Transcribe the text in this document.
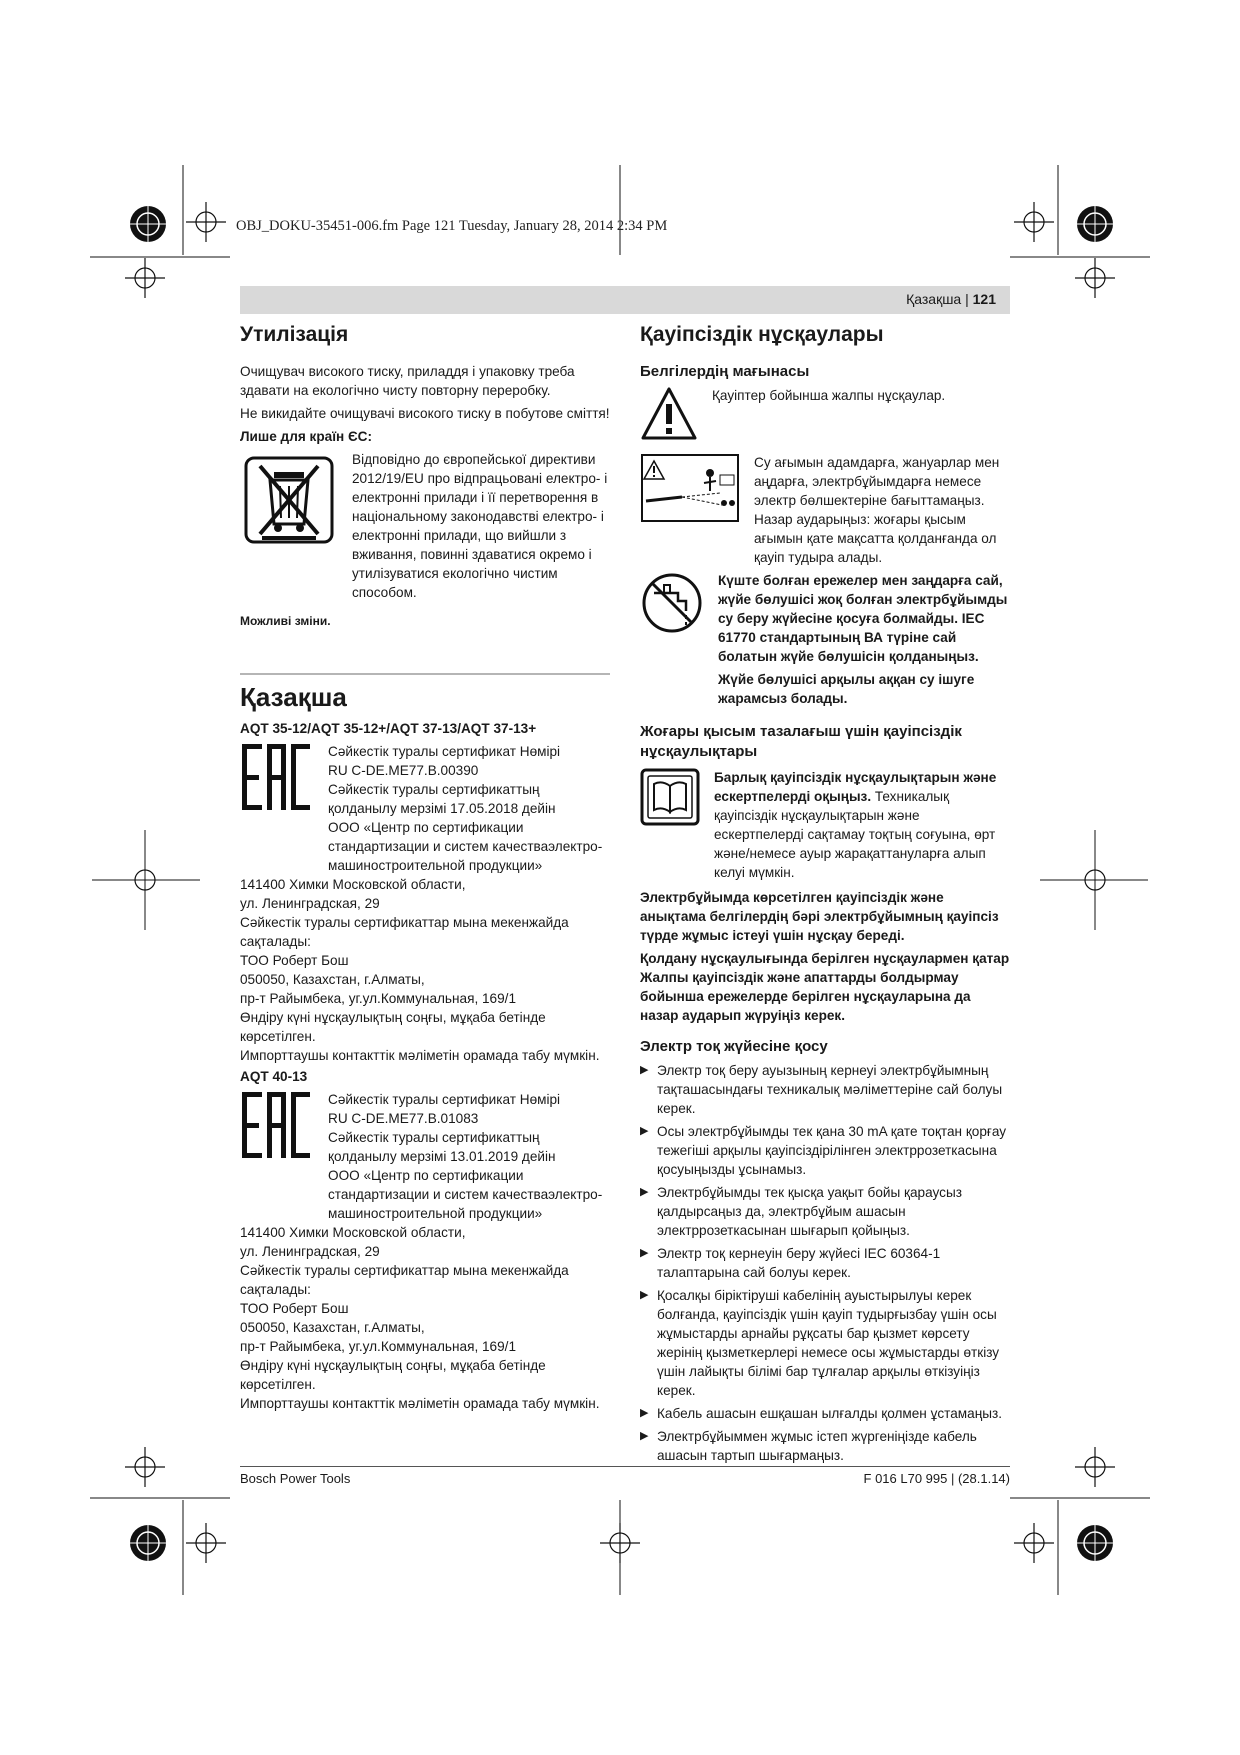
OBJ_DOKU-35451-006.fm Page 121 Tuesday, January 28, 2014 2:34 PM
Қазақша | 121
Утилізація

Очищувач високого тиску, приладдя і упаковку треба здавати на екологічно чисту повторну переробку.

Не викидайте очищувачі високого тиску в побутове сміття!

Лише для країн ЄС:

Відповідно до європейської директиви 2012/19/EU про відпрацьовані електро- і електронні прилади і її перетворення в національному законодавстві електро- і електронні прилади, що вийшли з вживання, повинні здаватися окремо і утилізуватися екологічно чистим способом.

Можливі зміни.

Қазақша

AQT 35-12/AQT 35-12+/AQT 37-13/AQT 37-13+

Сәйкестік туралы сертификат Нөмірі
RU C-DE.ME77.B.00390
Сәйкестік туралы сертификаттың
қолданылу мерзімі 17.05.2018 дейін
ООО «Центр по сертификации
стандартизации и систем качестваэлектро-
машиностроительной продукции»
141400 Химки Московской области,
ул. Ленинградская, 29
Сәйкестік туралы сертификаттар мына мекенжайда
сақталады:
ТОО Роберт Бош
050050, Казахстан, г.Алматы,
пр-т Райымбека, уг.ул.Коммунальная, 169/1
Өндіру күні нұсқаулықтың соңғы, мұқаба бетінде
көрсетілген.
Импорттаушы контакттік мәліметін орамада табу мүмкін.

AQT 40-13

Сәйкестік туралы сертификат Нөмірі
RU C-DE.ME77.B.01083
Сәйкестік туралы сертификаттың
қолданылу мерзімі 13.01.2019 дейін
ООО «Центр по сертификации
стандартизации и систем качестваэлектро-
машиностроительной продукции»
141400 Химки Московской области,
ул. Ленинградская, 29
Сәйкестік туралы сертификаттар мына мекенжайда
сақталады:
ТОО Роберт Бош
050050, Казахстан, г.Алматы,
пр-т Райымбека, уг.ул.Коммунальная, 169/1
Өндіру күні нұсқаулықтың соңғы, мұқаба бетінде
көрсетілген.
Импорттаушы контакттік мәліметін орамада табу мүмкін.
Қауіпсіздік нұсқаулары
Белгілердің мағынасы
Қауіптер бойынша жалпы нұсқаулар.
Су ағымын адамдарға, жануарлар мен аңдарға, электрбұйымдарға немесе электр бөлшектеріне бағыттамаңыз. Назар аударыңыз: жоғары қысым ағымын қате мақсатта қолданғанда ол қауіп тудыра алады.

Күште болған ережелер мен заңдарға сай, жүйе бөлушісі жоқ болған электрбұйымды су беру жүйесіне қосуға болмайды. IEC 61770 стандартының ВА түріне сай болатын жүйе бөлушісін қолданыңыз.

Жүйе бөлушісі арқылы аққан су ішуге жарамсыз болады.

Жоғары қысым тазалағыш үшін қауіпсіздік нұсқаулықтары
Барлық қауіпсіздік нұсқаулықтарын және ескертпелерді оқыңыз. Техникалық қауіпсіздік нұсқаулықтарын және ескертпелерді сақтамау тоқтың соғуына, өрт және/немесе ауыр жарақаттануларға алып келуі мүмкін.

Электрбұйымда көрсетілген қауіпсіздік және анықтама белгілердің бәрі электрбұйымның қауіпсіз түрде жұмыс істеуі үшін нұсқау береді.

Қолдану нұсқаулығында берілген нұсқаулармен қатар Жалпы қауіпсіздік және апаттарды болдырмау бойынша ережелерде берілген нұсқауларына да назар аударып жүруіңіз керек.

Электр тоқ жүйесіне қосу
▶ Электр тоқ беру ауызының кернеуі электрбұйымның тақташасындағы техникалық мәліметтеріне сай болуы керек.
▶ Осы электрбұйымды тек қана 30 mA қате тоқтан қорғау тежегіші арқылы қауіпсіздірілінген электррозеткасына қосуыңызды ұсынамыз.
▶ Электрбұйымды тек қысқа уақыт бойы қараусыз қалдырсаңыз да, электрбұйым ашасын электррозеткасынан шығарып қойыңыз.
▶ Электр тоқ кернеуін беру жүйесі IEC 60364-1 талаптарына сай болуы керек.
▶ Қосалқы біріктіруші кабелінің ауыстырылуы керек болғанда, қауіпсіздік үшін қауіп тудырғызбау үшін осы жұмыстарды арнайы рұқсаты бар қызмет көрсету жерінің қызметкерлері немесе осы жұмыстарды өткізу үшін лайықты білімі бар тұлғалар арқылы өткізуіңіз керек.
▶ Кабель ашасын ешқашан ылғалды қолмен ұстамаңыз.
▶ Электрбұйыммен жұмыс істеп жүргеніңізде кабель ашасын тартып шығармаңыз.
Bosch Power Tools	F 016 L70 995 | (28.1.14)
